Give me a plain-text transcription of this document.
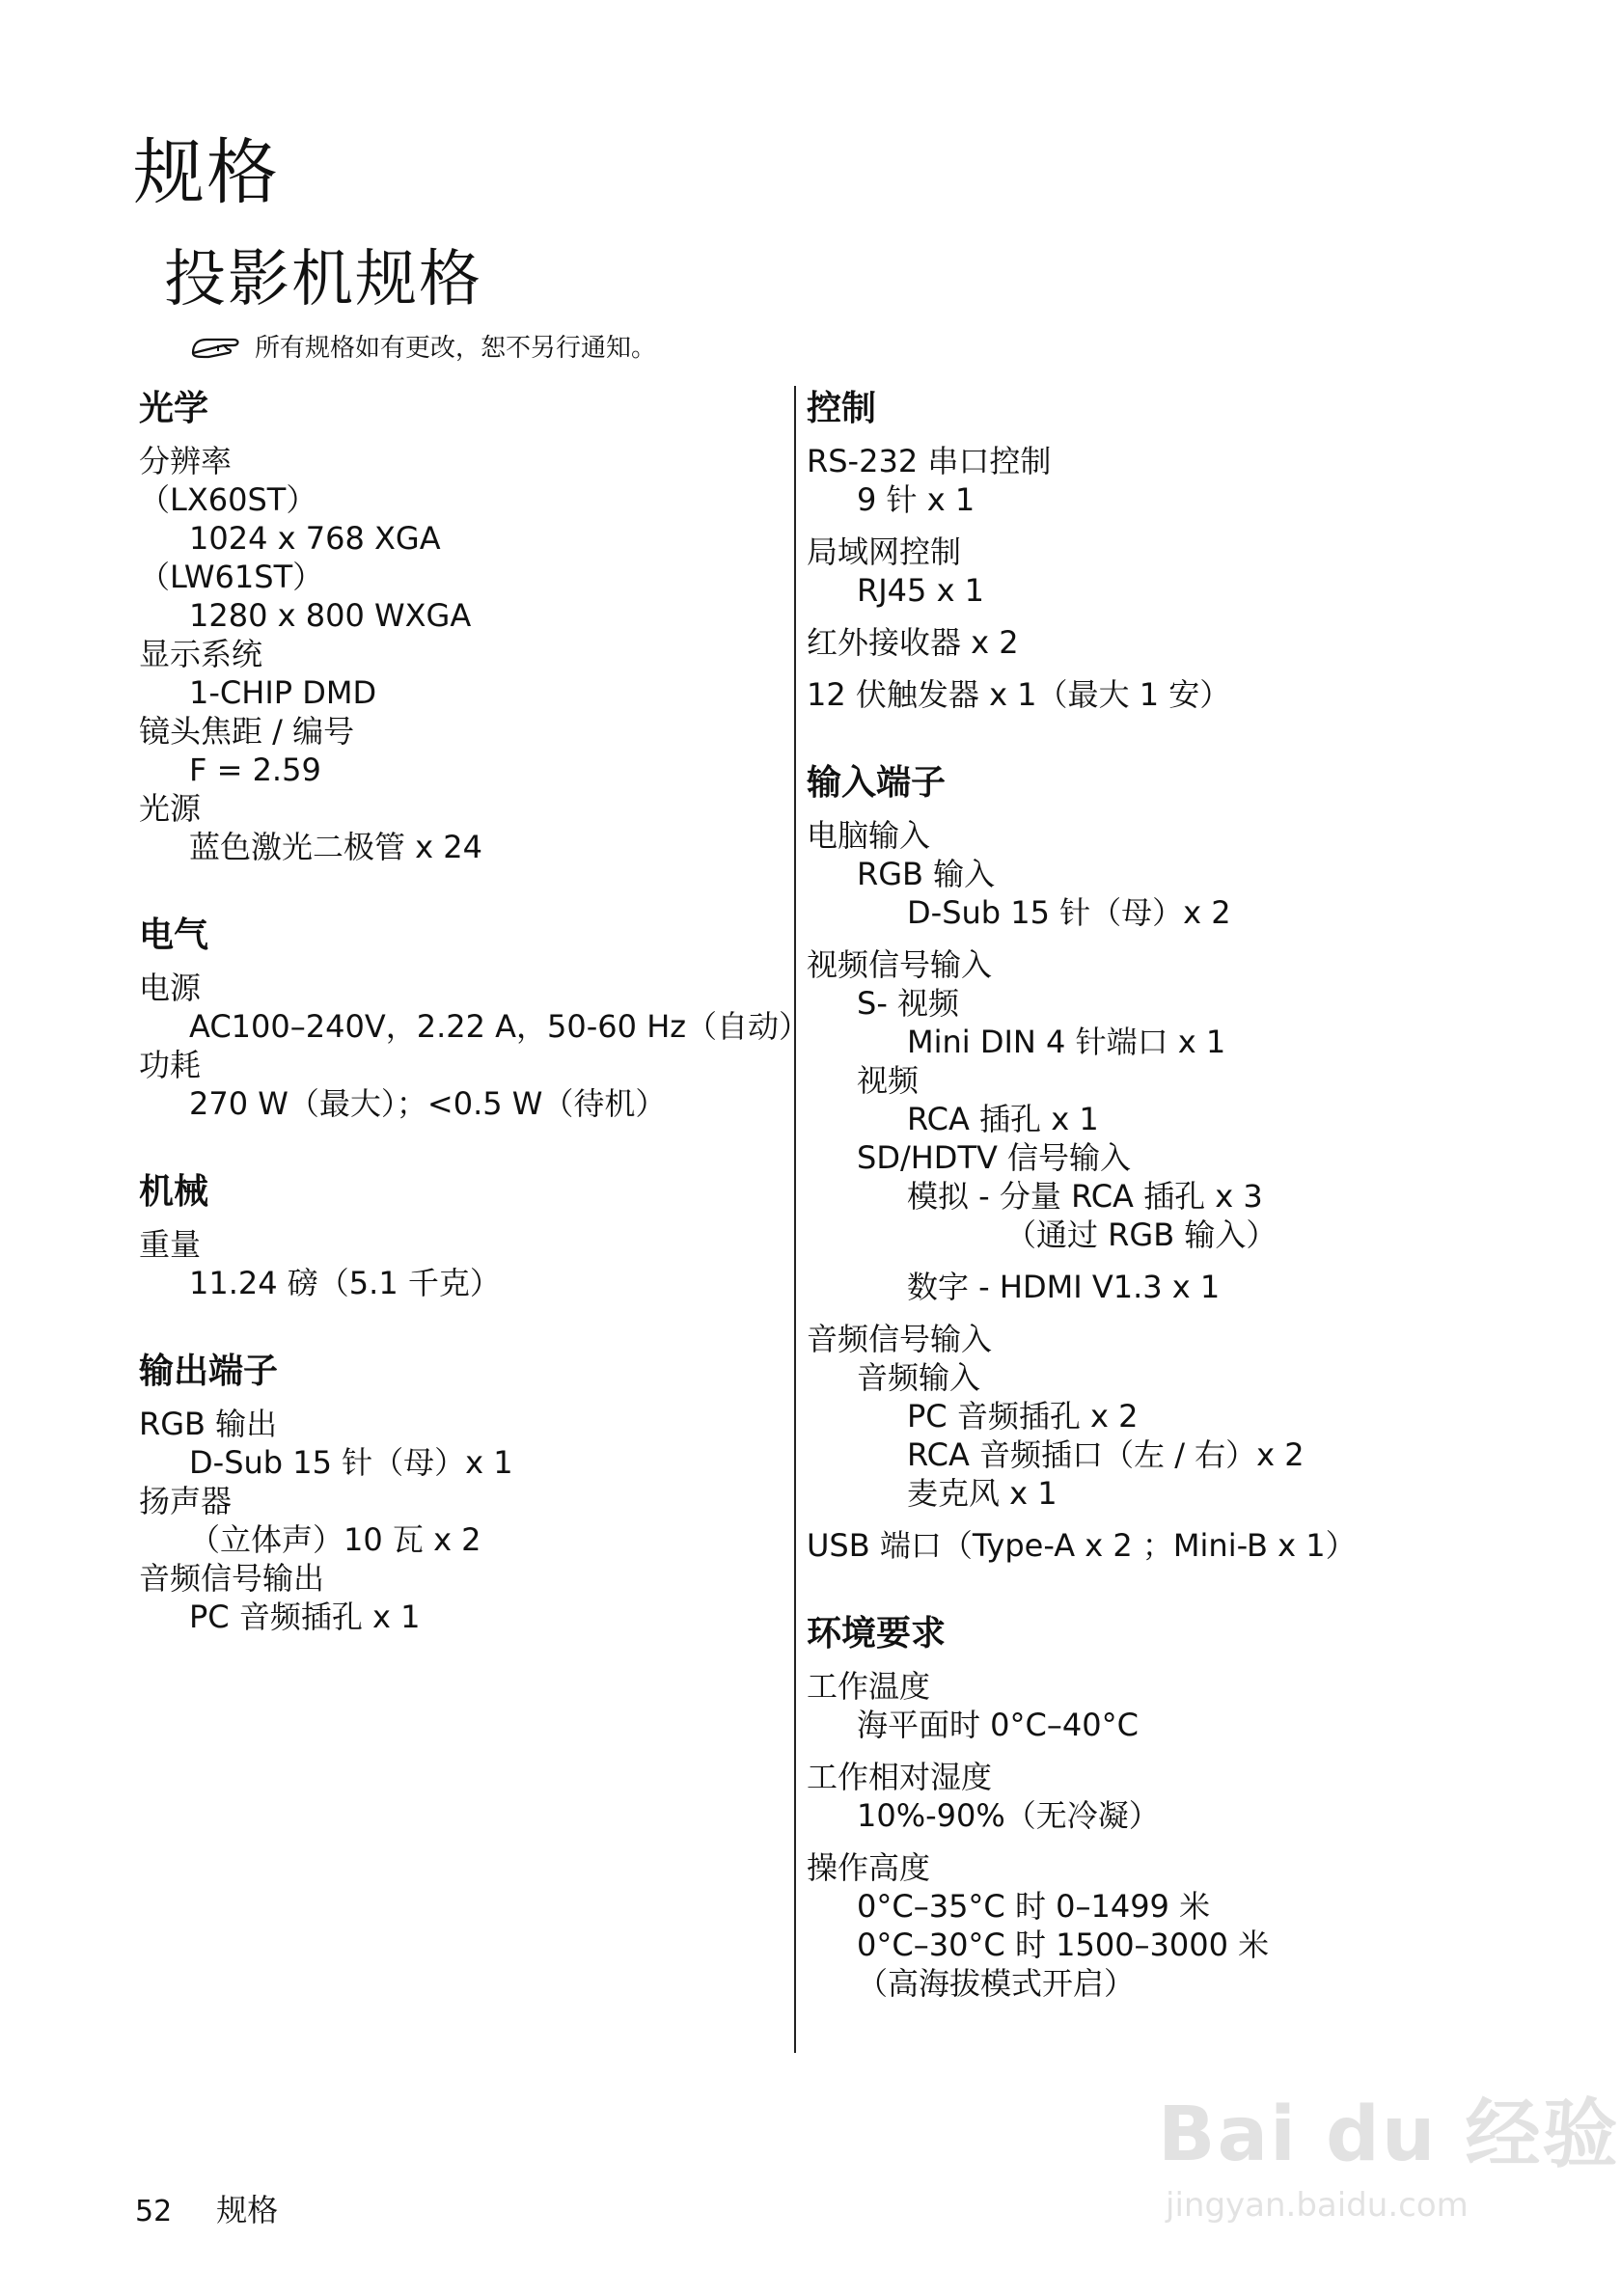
规格
投影机规格
所有规格如有更改，恕不另行通知。
光学
分辨率
（LX60ST）
1024 x 768 XGA
（LW61ST）
1280 x 800 WXGA
显示系统
1-CHIP DMD
镜头焦距 / 编号
F = 2.59
光源
蓝色激光二极管 x 24
电气
电源
AC100–240V，2.22 A，50-60 Hz（自动）
功耗
270 W（最大）；<0.5 W（待机）
机械
重量
11.24 磅（5.1 千克）
输出端子
RGB 输出
D-Sub 15 针（母）x 1
扬声器
（立体声）10 瓦 x 2
音频信号输出
PC 音频插孔 x 1
控制
RS-232 串口控制
9 针 x 1
局域网控制
RJ45 x 1
红外接收器 x 2
12 伏触发器 x 1（最大 1 安）
输入端子
电脑输入
RGB 输入
D-Sub 15 针（母）x 2
视频信号输入
S- 视频
Mini DIN 4 针端口 x 1
视频
RCA 插孔 x 1
SD/HDTV 信号输入
模拟 - 分量 RCA 插孔 x 3
（通过 RGB 输入）
数字 - HDMI V1.3 x 1
音频信号输入
音频输入
PC 音频插孔 x 2
RCA 音频插口（左 / 右）x 2
麦克风 x 1
USB 端口（Type-A x 2 ；Mini-B x 1）
环境要求
工作温度
海平面时 0°C–40°C
工作相对湿度
10%-90%（无冷凝）
操作高度
0°C–35°C 时 0–1499 米
0°C–30°C 时 1500–3000 米
（高海拔模式开启）
52 规格
Bai du 经验
jingyan.baidu.com
